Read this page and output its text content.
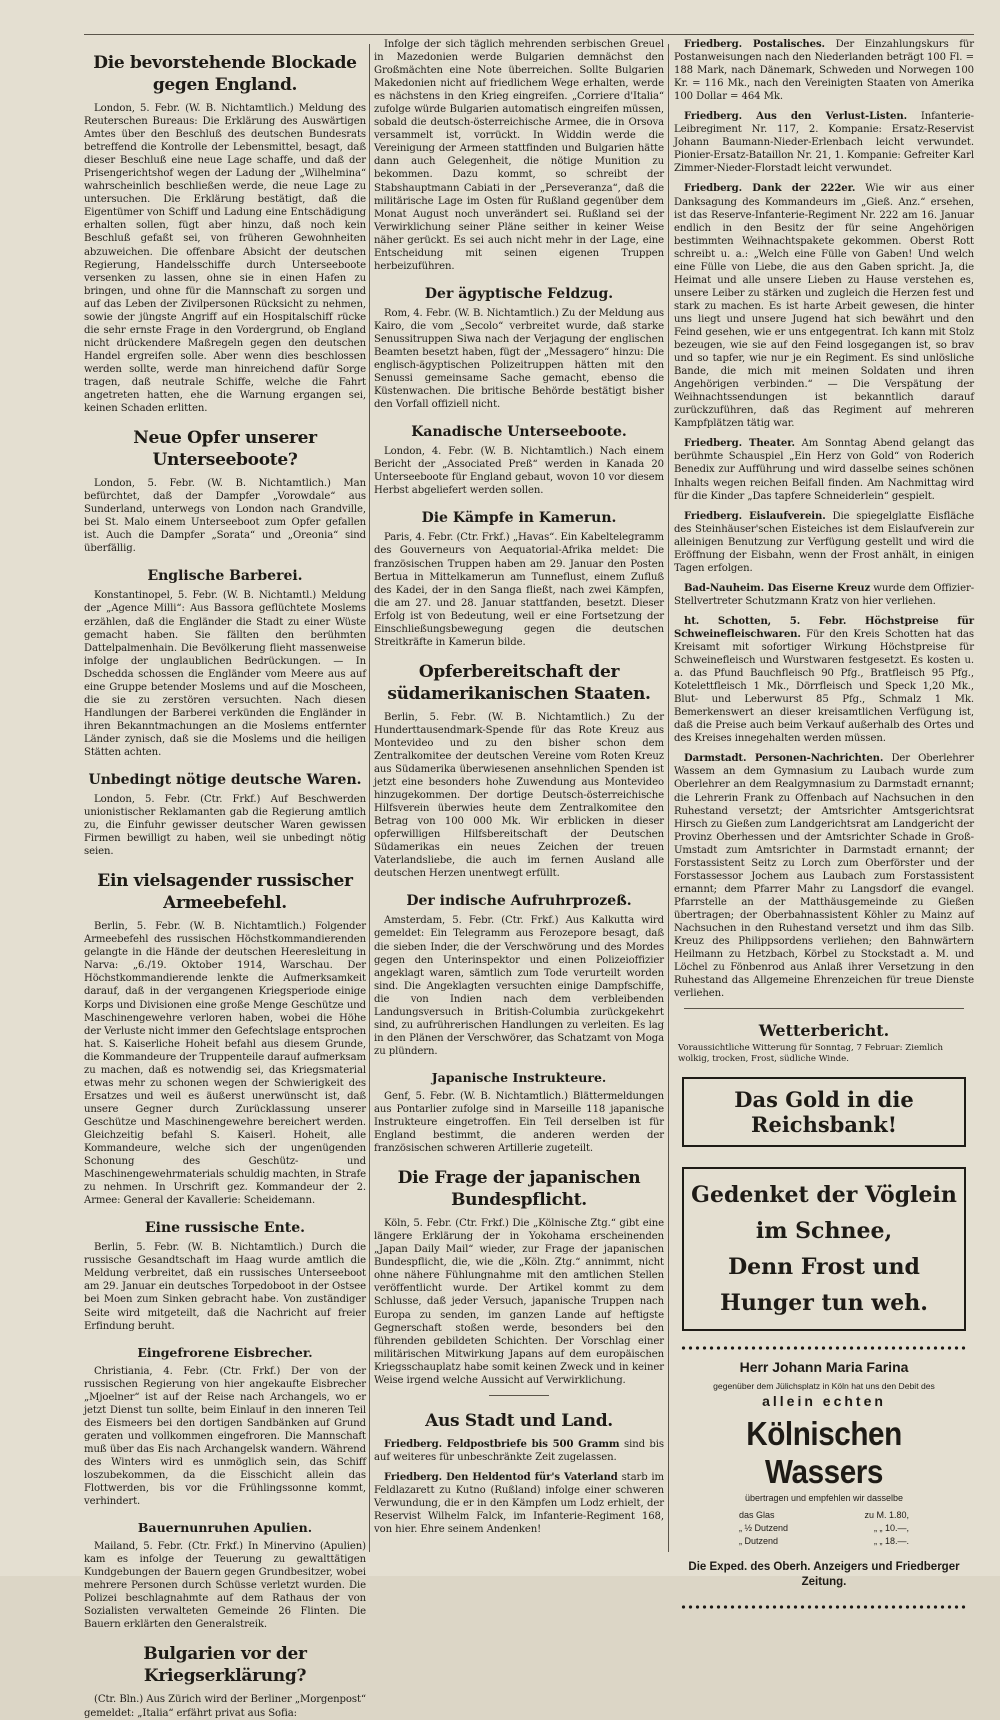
Die bevorstehende Blockade gegen England.
London, 5. Febr. (W. B. Nichtamtlich.) Meldung des Reuterschen Bureaus: Die Erklärung des Auswärtigen Amtes über den Beschluß des deutschen Bundesrats betreffend die Kontrolle der Lebensmittel, besagt, daß dieser Beschluß eine neue Lage schaffe, und daß der Prisengerichtshof wegen der Ladung der „Wilhelmina“ wahrscheinlich beschließen werde, die neue Lage zu untersuchen. Die Erklärung bestätigt, daß die Eigentümer von Schiff und Ladung eine Entschädigung erhalten sollen, fügt aber hinzu, daß noch kein Beschluß gefaßt sei, von früheren Gewohnheiten abzuweichen. Die offenbare Absicht der deutschen Regierung, Handelsschiffe durch Unterseeboote versenken zu lassen, ohne sie in einen Hafen zu bringen, und ohne für die Mannschaft zu sorgen und auf das Leben der Zivilpersonen Rücksicht zu nehmen, sowie der jüngste Angriff auf ein Hospitalschiff rücke die sehr ernste Frage in den Vordergrund, ob England nicht drückendere Maßregeln gegen den deutschen Handel ergreifen solle. Aber wenn dies beschlossen werden sollte, werde man hinreichend dafür Sorge tragen, daß neutrale Schiffe, welche die Fahrt angetreten hatten, ehe die Warnung ergangen sei, keinen Schaden erlitten.
Neue Opfer unserer Unterseeboote?
London, 5. Febr. (W. B. Nichtamtlich.) Man befürchtet, daß der Dampfer „Vorowdale“ aus Sunderland, unterwegs von London nach Grandville, bei St. Malo einem Unterseeboot zum Opfer gefallen ist. Auch die Dampfer „Sorata“ und „Oreonia“ sind überfällig.
Englische Barberei.
Konstantinopel, 5. Febr. (W. B. Nichtamtl.) Meldung der „Agence Milli“: Aus Bassora geflüchtete Moslems erzählen, daß die Engländer die Stadt zu einer Wüste gemacht haben. Sie fällten den berühmten Dattelpalmenhain. Die Bevölkerung flieht massenweise infolge der unglaublichen Bedrückungen. — In Dschedda schossen die Engländer vom Meere aus auf eine Gruppe betender Moslems und auf die Moscheen, die sie zu zerstören versuchten. Nach diesen Handlungen der Barberei verkünden die Engländer in ihren Bekanntmachungen an die Moslems entfernter Länder zynisch, daß sie die Moslems und die heiligen Stätten achten.
Unbedingt nötige deutsche Waren.
London, 5. Febr. (Ctr. Frkf.) Auf Beschwerden unionistischer Reklamanten gab die Regierung amtlich zu, die Einfuhr gewisser deutscher Waren gewissen Firmen bewilligt zu haben, weil sie unbedingt nötig seien.
Ein vielsagender russischer Armeebefehl.
Berlin, 5. Febr. (W. B. Nichtamtlich.) Folgender Armeebefehl des russischen Höchstkommandierenden gelangte in die Hände der deutschen Heeresleitung in Narva: „6./19. Oktober 1914, Warschau. Der Höchstkommandierende lenkte die Aufmerksamkeit darauf, daß in der vergangenen Kriegsperiode einige Korps und Divisionen eine große Menge Geschütze und Maschinengewehre verloren haben, wobei die Höhe der Verluste nicht immer den Gefechtslage entsprochen hat. S. Kaiserliche Hoheit befahl aus diesem Grunde, die Kommandeure der Truppenteile darauf aufmerksam zu machen, daß es notwendig sei, das Kriegsmaterial etwas mehr zu schonen wegen der Schwierigkeit des Ersatzes und weil es äußerst unerwünscht ist, daß unsere Gegner durch Zurücklassung unserer Geschütze und Maschinengewehre bereichert werden. Gleichzeitig befahl S. Kaiserl. Hoheit, alle Kommandeure, welche sich der ungenügenden Schonung des Geschütz- und Maschinengewehrmaterials schuldig machten, in Strafe zu nehmen. In Urschrift gez. Kommandeur der 2. Armee: General der Kavallerie: Scheidemann.
Eine russische Ente.
Berlin, 5. Febr. (W. B. Nichtamtlich.) Durch die russische Gesandtschaft im Haag wurde amtlich die Meldung verbreitet, daß ein russisches Unterseeboot am 29. Januar ein deutsches Torpedoboot in der Ostsee bei Moen zum Sinken gebracht habe. Von zuständiger Seite wird mitgeteilt, daß die Nachricht auf freier Erfindung beruht.
Eingefrorene Eisbrecher.
Christiania, 4. Febr. (Ctr. Frkf.) Der von der russischen Regierung von hier angekaufte Eisbrecher „Mjoelner“ ist auf der Reise nach Archangels, wo er jetzt Dienst tun sollte, beim Einlauf in den inneren Teil des Eismeers bei den dortigen Sandbänken auf Grund geraten und vollkommen eingefroren. Die Mannschaft muß über das Eis nach Archangelsk wandern. Während des Winters wird es unmöglich sein, das Schiff loszubekommen, da die Eisschicht allein das Flottwerden, bis vor die Frühlingssonne kommt, verhindert.
Bauernunruhen Apulien.
Mailand, 5. Febr. (Ctr. Frkf.) In Minervino (Apulien) kam es infolge der Teuerung zu gewalttätigen Kundgebungen der Bauern gegen Grundbesitzer, wobei mehrere Personen durch Schüsse verletzt wurden. Die Polizei beschlagnahmte auf dem Rathaus der von Sozialisten verwalteten Gemeinde 26 Flinten. Die Bauern erklärten den Generalstreik.
Bulgarien vor der Kriegserklärung?
(Ctr. Bln.) Aus Zürich wird der Berliner „Morgenpost“ gemeldet: „Italia“ erfährt privat aus Sofia:
Infolge der sich täglich mehrenden serbischen Greuel in Mazedonien werde Bulgarien demnächst den Großmächten eine Note überreichen. Sollte Bulgarien Makedonien nicht auf friedlichem Wege erhalten, werde es nächstens in den Krieg eingreifen. „Corriere d'Italia“ zufolge würde Bulgarien automatisch eingreifen müssen, sobald die deutsch-österreichische Armee, die in Orsova versammelt ist, vorrückt. In Widdin werde die Vereinigung der Armeen stattfinden und Bulgarien hätte dann auch Gelegenheit, die nötige Munition zu bekommen. Dazu kommt, so schreibt der Stabshauptmann Cabiati in der „Perseveranza“, daß die militärische Lage im Osten für Rußland gegenüber dem Monat August noch unverändert sei. Rußland sei der Verwirklichung seiner Pläne seither in keiner Weise näher gerückt. Es sei auch nicht mehr in der Lage, eine Entscheidung mit seinen eigenen Truppen herbeizuführen.
Der ägyptische Feldzug.
Rom, 4. Febr. (W. B. Nichtamtlich.) Zu der Meldung aus Kairo, die vom „Secolo“ verbreitet wurde, daß starke Senussitruppen Siwa nach der Verjagung der englischen Beamten besetzt haben, fügt der „Messagero“ hinzu: Die englisch-ägyptischen Polizeitruppen hätten mit den Senussi gemeinsame Sache gemacht, ebenso die Küstenwachen. Die britische Behörde bestätigt bisher den Vorfall offiziell nicht.
Kanadische Unterseeboote.
London, 4. Febr. (W. B. Nichtamtlich.) Nach einem Bericht der „Associated Preß“ werden in Kanada 20 Unterseeboote für England gebaut, wovon 10 vor diesem Herbst abgeliefert werden sollen.
Die Kämpfe in Kamerun.
Paris, 4. Febr. (Ctr. Frkf.) „Havas“. Ein Kabeltelegramm des Gouverneurs von Aequatorial-Afrika meldet: Die französischen Truppen haben am 29. Januar den Posten Bertua in Mittelkamerun am Tunneflust, einem Zufluß des Kadei, der in den Sanga fließt, nach zwei Kämpfen, die am 27. und 28. Januar stattfanden, besetzt. Dieser Erfolg ist von Bedeutung, weil er eine Fortsetzung der Einschließungsbewegung gegen die deutschen Streitkräfte in Kamerun bilde.
Opferbereitschaft der südamerikanischen Staaten.
Berlin, 5. Febr. (W. B. Nichtamtlich.) Zu der Hunderttausendmark-Spende für das Rote Kreuz aus Montevideo und zu den bisher schon dem Zentralkomitee der deutschen Vereine vom Roten Kreuz aus Südamerika überwiesenen ansehnlichen Spenden ist jetzt eine besonders hohe Zuwendung aus Montevideo hinzugekommen. Der dortige Deutsch-österreichische Hilfsverein überwies heute dem Zentralkomitee den Betrag von 100 000 Mk. Wir erblicken in dieser opferwilligen Hilfsbereitschaft der Deutschen Südamerikas ein neues Zeichen der treuen Vaterlandsliebe, die auch im fernen Ausland alle deutschen Herzen unentwegt erfüllt.
Der indische Aufruhrprozeß.
Amsterdam, 5. Febr. (Ctr. Frkf.) Aus Kalkutta wird gemeldet: Ein Telegramm aus Ferozepore besagt, daß die sieben Inder, die der Verschwörung und des Mordes gegen den Unterinspektor und einen Polizeioffizier angeklagt waren, sämtlich zum Tode verurteilt worden sind. Die Angeklagten versuchten einige Dampfschiffe, die von Indien nach dem verbleibenden Landungsversuch in British-Columbia zurückgekehrt sind, zu aufrührerischen Handlungen zu verleiten. Es lag in den Plänen der Verschwörer, das Schatzamt von Moga zu plündern.
Japanische Instrukteure.
Genf, 5. Febr. (W. B. Nichtamtlich.) Blättermeldungen aus Pontarlier zufolge sind in Marseille 118 japanische Instrukteure eingetroffen. Ein Teil derselben ist für England bestimmt, die anderen werden der französischen schweren Artillerie zugeteilt.
Die Frage der japanischen Bundespflicht.
Köln, 5. Febr. (Ctr. Frkf.) Die „Kölnische Ztg.“ gibt eine längere Erklärung der in Yokohama erscheinenden „Japan Daily Mail“ wieder, zur Frage der japanischen Bundespflicht, die, wie die „Köln. Ztg.“ annimmt, nicht ohne nähere Fühlungnahme mit den amtlichen Stellen veröffentlicht wurde. Der Artikel kommt zu dem Schlusse, daß jeder Versuch, japanische Truppen nach Europa zu senden, im ganzen Lande auf heftigste Gegnerschaft stoßen werde, besonders bei den führenden gebildeten Schichten. Der Vorschlag einer militärischen Mitwirkung Japans auf dem europäischen Kriegsschauplatz habe somit keinen Zweck und in keiner Weise irgend welche Aussicht auf Verwirklichung.
Aus Stadt und Land.
Friedberg. Feldpostbriefe bis 500 Gramm sind bis auf weiteres für unbeschränkte Zeit zugelassen.
Friedberg. Den Heldentod für's Vaterland starb im Feldlazarett zu Kutno (Rußland) infolge einer schweren Verwundung, die er in den Kämpfen um Lodz erhielt, der Reservist Wilhelm Falck, im Infanterie-Regiment 168, von hier. Ehre seinem Andenken!
Friedberg. Postalisches. Der Einzahlungskurs für Postanweisungen nach den Niederlanden beträgt 100 Fl. = 188 Mark, nach Dänemark, Schweden und Norwegen 100 Kr. = 116 Mk., nach den Vereinigten Staaten von Amerika 100 Dollar = 464 Mk.
Friedberg. Aus den Verlust-Listen. Infanterie-Leibregiment Nr. 117, 2. Kompanie: Ersatz-Reservist Johann Baumann-Nieder-Erlenbach leicht verwundet. Pionier-Ersatz-Bataillon Nr. 21, 1. Kompanie: Gefreiter Karl Zimmer-Nieder-Florstadt leicht verwundet.
Friedberg. Dank der 222er. Wie wir aus einer Danksagung des Kommandeurs im „Gieß. Anz.“ ersehen, ist das Reserve-Infanterie-Regiment Nr. 222 am 16. Januar endlich in den Besitz der für seine Angehörigen bestimmten Weihnachtspakete gekommen. Oberst Rott schreibt u. a.: „Welch eine Fülle von Gaben! Und welch eine Fülle von Liebe, die aus den Gaben spricht. Ja, die Heimat und alle unsere Lieben zu Hause verstehen es, unsere Leiber zu stärken und zugleich die Herzen fest und stark zu machen. Es ist harte Arbeit gewesen, die hinter uns liegt und unsere Jugend hat sich bewährt und den Feind gesehen, wie er uns entgegentrat. Ich kann mit Stolz bezeugen, wie sie auf den Feind losgegangen ist, so brav und so tapfer, wie nur je ein Regiment. Es sind unlösliche Bande, die mich mit meinen Soldaten und ihren Angehörigen verbinden.“ — Die Verspätung der Weihnachtssendungen ist bekanntlich darauf zurückzuführen, daß das Regiment auf mehreren Kampfplätzen tätig war.
Friedberg. Theater. Am Sonntag Abend gelangt das berühmte Schauspiel „Ein Herz von Gold“ von Roderich Benedix zur Aufführung und wird dasselbe seines schönen Inhalts wegen reichen Beifall finden. Am Nachmittag wird für die Kinder „Das tapfere Schneiderlein“ gespielt.
Friedberg. Eislaufverein. Die spiegelglatte Eisfläche des Steinhäuser'schen Eisteiches ist dem Eislaufverein zur alleinigen Benutzung zur Verfügung gestellt und wird die Eröffnung der Eisbahn, wenn der Frost anhält, in einigen Tagen erfolgen.
Bad-Nauheim. Das Eiserne Kreuz wurde dem Offizier-Stellvertreter Schutzmann Kratz von hier verliehen.
ht. Schotten, 5. Febr. Höchstpreise für Schweinefleischwaren. Für den Kreis Schotten hat das Kreisamt mit sofortiger Wirkung Höchstpreise für Schweinefleisch und Wurstwaren festgesetzt. Es kosten u. a. das Pfund Bauchfleisch 90 Pfg., Bratfleisch 95 Pfg., Kotelettfleisch 1 Mk., Dörrfleisch und Speck 1,20 Mk., Blut- und Leberwurst 85 Pfg., Schmalz 1 Mk. Bemerkenswert an dieser kreisamtlichen Verfügung ist, daß die Preise auch beim Verkauf außerhalb des Ortes und des Kreises innegehalten werden müssen.
Darmstadt. Personen-Nachrichten. Der Oberlehrer Wassem an dem Gymnasium zu Laubach wurde zum Oberlehrer an dem Realgymnasium zu Darmstadt ernannt; die Lehrerin Frank zu Offenbach auf Nachsuchen in den Ruhestand versetzt; der Amtsrichter Amtsgerichtsrat Hirsch zu Gießen zum Landgerichtsrat am Landgericht der Provinz Oberhessen und der Amtsrichter Schade in Groß-Umstadt zum Amtsrichter in Darmstadt ernannt; der Forstassistent Seitz zu Lorch zum Oberförster und der Forstassessor Jochem aus Laubach zum Forstassistent ernannt; dem Pfarrer Mahr zu Langsdorf die evangel. Pfarrstelle an der Matthäusgemeinde zu Gießen übertragen; der Oberbahnassistent Köhler zu Mainz auf Nachsuchen in den Ruhestand versetzt und ihm das Silb. Kreuz des Philippsordens verliehen; den Bahnwärtern Heilmann zu Hetzbach, Körbel zu Stockstadt a. M. und Löchel zu Fönbenrod aus Anlaß ihrer Versetzung in den Ruhestand das Allgemeine Ehrenzeichen für treue Dienste verliehen.
Wetterbericht.
Voraussichtliche Witterung für Sonntag, 7 Februar: Ziemlich wolkig, trocken, Frost, südliche Winde.
Das Gold in die Reichsbank!
Gedenket der Vöglein im Schnee,
Denn Frost und Hunger tun weh.
Herr Johann Maria Farina
gegenüber dem Jülichsplatz in Köln hat uns den Debit des
allein echten
Kölnischen Wassers
übertragen und empfehlen wir dasselbe
das Glas	zu M. 1.80,
„ ½ Dutzend	„ „ 10.—,
„ Dutzend	„ „ 18.—.
Die Exped. des Oberh. Anzeigers und Friedberger Zeitung.
